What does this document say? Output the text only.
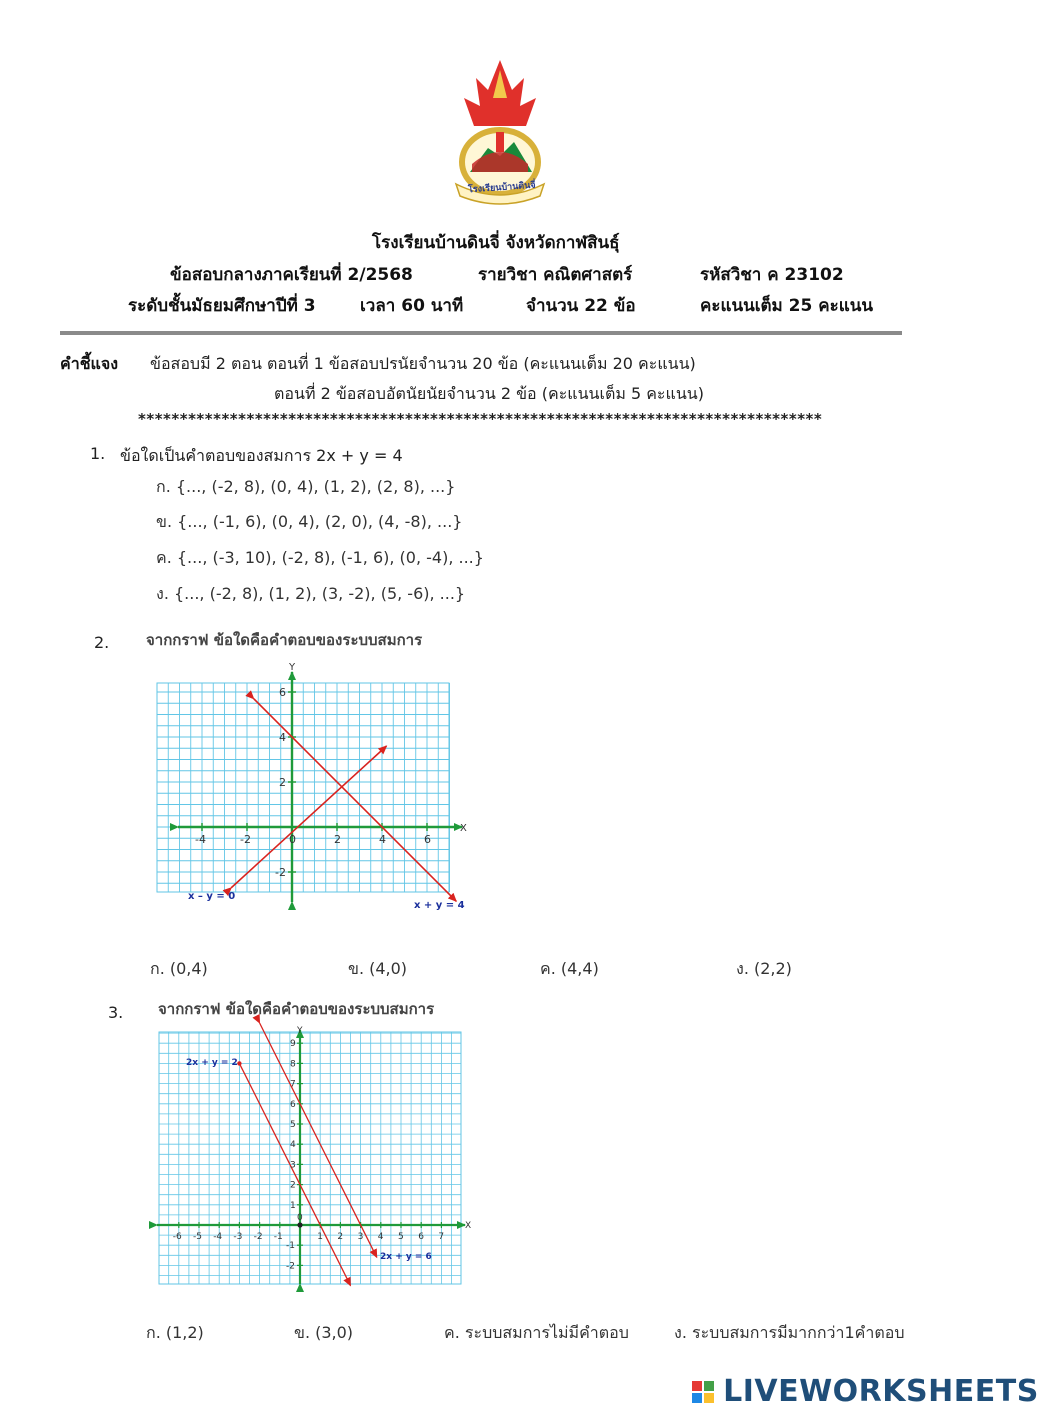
โรงเรียนบ้านดินจี่
โรงเรียนบ้านดินจี่ จังหวัดกาฬสินธุ์
ข้อสอบกลางภาคเรียนที่ 2/2568	รายวิชา คณิตศาสตร์	รหัสวิชา ค 23102
ระดับชั้นมัธยมศึกษาปีที่ 3	เวลา 60 นาที	จำนวน 22 ข้อ	คะแนนเต็ม 25 คะแนน
คำชี้แจง ข้อสอบมี 2 ตอน ตอนที่ 1 ข้อสอบปรนัยจำนวน 20 ข้อ (คะแนนเต็ม 20 คะแนน)
ตอนที่ 2 ข้อสอบอัตนัยนัยจำนวน 2 ข้อ (คะแนนเต็ม 5 คะแนน)
**********************************************************************************
1. ข้อใดเป็นคำตอบของสมการ 2x + y = 4
ก. {..., (-2, 8), (0, 4), (1, 2), (2, 8), ...}
ข. {..., (-1, 6), (0, 4), (2, 0), (4, -8), ...}
ค. {..., (-3, 10), (-2, 8), (-1, 6), (0, -4), ...}
ง. {..., (-2, 8), (1, 2), (3, -2), (5, -6), ...}
2. จากกราฟ ข้อใดคือคำตอบของระบบสมการ
X
Y
-4	-2	0	2	4	6
6
4
2
-2
x – y = 0
x + y = 4
ก. (0,4)	ข. (4,0)	ค. (4,4)	ง. (2,2)
3. จากกราฟ ข้อใดคือคำตอบของระบบสมการ
X
Y
-6 -5 -4 -3 -2 -1
0
1 2 3 4 5 6 7
9
8
7
6
5
4
3
2
1
-1
-2
2x + y = 2
2x + y = 6
ก. (1,2)	ข. (3,0)	ค. ระบบสมการไม่มีคำตอบ	ง. ระบบสมการมีมากกว่า1คำตอบ
LIVEWORKSHEETS
